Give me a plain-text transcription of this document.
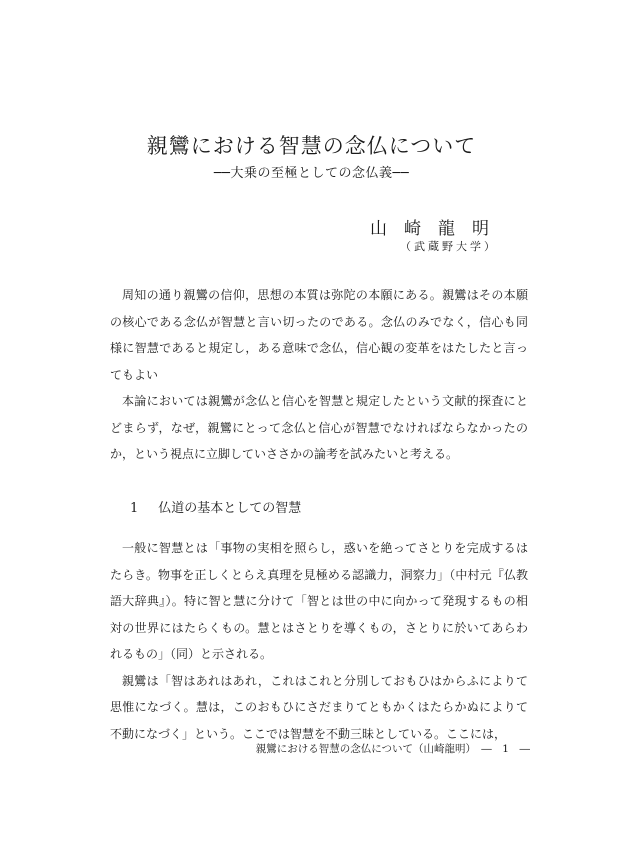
親鸞における智慧の念仏について
──大乗の至極としての念仏義──
山崎龍明
（武蔵野大学）

周知の通り親鸞の信仰，思想の本質は弥陀の本願にある。親鸞はその本願の核心である念仏が智慧と言い切ったのである。念仏のみでなく，信心も同様に智慧であると規定し，ある意味で念仏，信心観の変革をはたしたと言ってもよい

本論においては親鸞が念仏と信心を智慧と規定したという文献的探査にとどまらず，なぜ，親鸞にとって念仏と信心が智慧でなければならなかったのか，という視点に立脚していささかの論考を試みたいと考える。

1 仏道の基本としての智慧

一般に智慧とは「事物の実相を照らし，惑いを絶ってさとりを完成するはたらき。物事を正しくとらえ真理を見極める認識力，洞察力」（中村元『仏教語大辞典』）。特に智と慧に分けて「智とは世の中に向かって発現するもの相対の世界にはたらくもの。慧とはさとりを導くもの，さとりに於いてあらわれるもの」（同）と示される。

親鸞は「智はあれはあれ，これはこれと分別しておもひはからふによりて思惟になづく。慧は，このおもひにさだまりてともかくはたらかぬによりて不動になづく」という。ここでは智慧を不動三昧としている。ここには，

親鸞における智慧の念仏について（山崎龍明）　―　1　―
